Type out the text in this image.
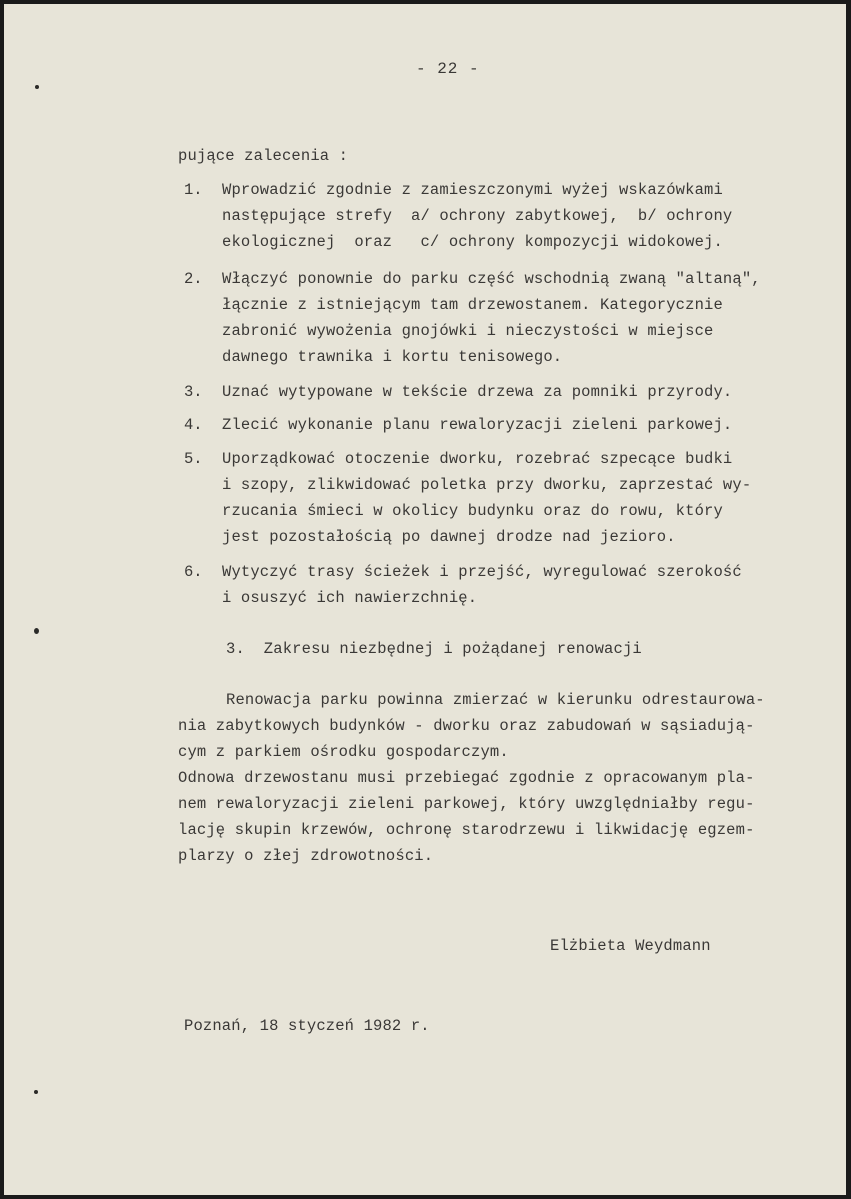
- 22 -
pujące zalecenia :
1. Wprowadzić zgodnie z zamieszczonymi wyżej wskazówkami
następujące strefy  a/ ochrony zabytkowej,  b/ ochrony
ekologicznej  oraz   c/ ochrony kompozycji widokowej.
2. Włączyć ponownie do parku część wschodnią zwaną "altaną",
łącznie z istniejącym tam drzewostanem. Kategorycznie
zabronić wywożenia gnojówki i nieczystości w miejsce
dawnego trawnika i kortu tenisowego.
3. Uznać wytypowane w tekście drzewa za pomniki przyrody.
4. Zlecić wykonanie planu rewaloryzacji zieleni parkowej.
5. Uporządkować otoczenie dworku, rozebrać szpecące budki
i szopy, zlikwidować poletka przy dworku, zaprzestać wy-
rzucania śmieci w okolicy budynku oraz do rowu, który
jest pozostałością po dawnej drodze nad jezioro.
6. Wytyczyć trasy ścieżek i przejść, wyregulować szerokość
i osuszyć ich nawierzchnię.
3.  Zakresu niezbędnej i pożądanej renowacji
Renowacja parku powinna zmierzać w kierunku odrestaurowa-
nia zabytkowych budynków - dworku oraz zabudowań w sąsiadują-
cym z parkiem ośrodku gospodarczym.
Odnowa drzewostanu musi przebiegać zgodnie z opracowanym pla-
nem rewaloryzacji zieleni parkowej, który uwzględniałby regu-
lację skupin krzewów, ochronę starodrzewu i likwidację egzem-
plarzy o złej zdrowotności.
Elżbieta Weydmann
Poznań, 18 styczeń 1982 r.
